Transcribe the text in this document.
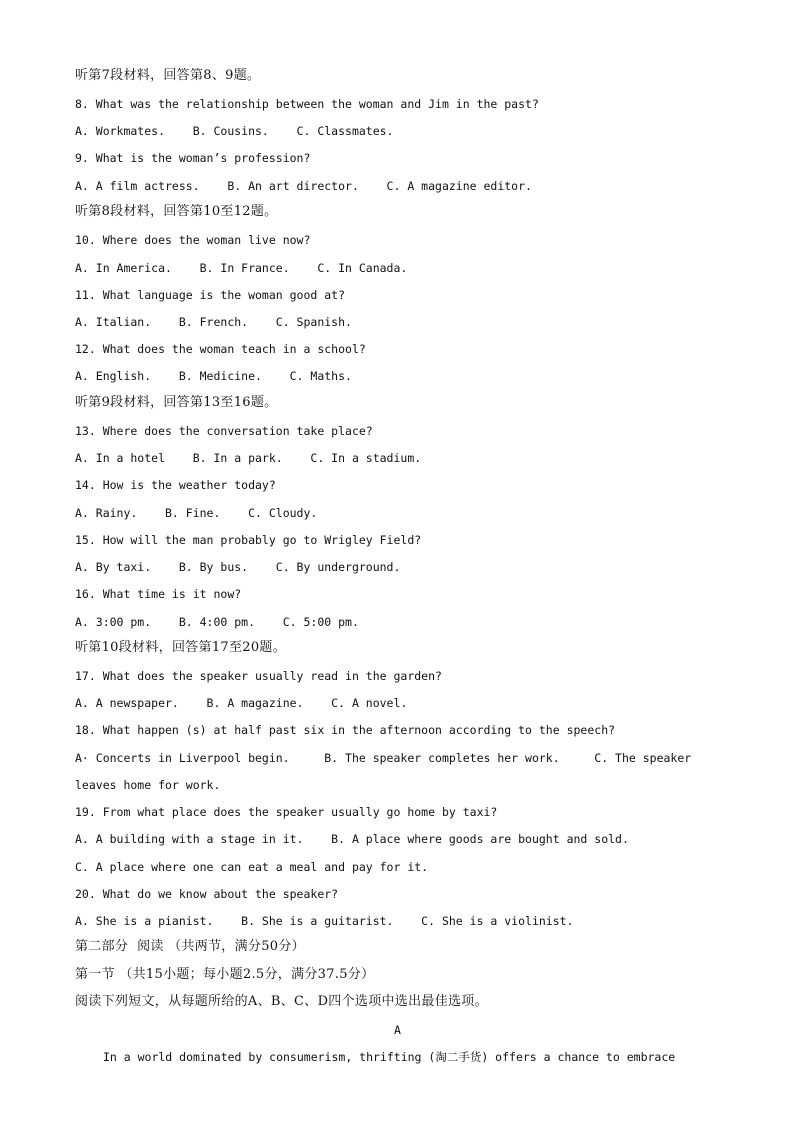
听第7段材料，回答第8、9题。
8. What was the relationship between the woman and Jim in the past?
A. Workmates.    B. Cousins.    C. Classmates.
9. What is the woman’s profession?
A. A film actress.    B. An art director.    C. A magazine editor.
听第8段材料，回答第10至12题。
10. Where does the woman live now?
A. In America.    B. In France.    C. In Canada.
11. What language is the woman good at?
A. Italian.    B. French.    C. Spanish.
12. What does the woman teach in a school?
A. English.    B. Medicine.    C. Maths.
听第9段材料，回答第13至16题。
13. Where does the conversation take place?
A. In a hotel    B. In a park.    C. In a stadium.
14. How is the weather today?
A. Rainy.    B. Fine.    C. Cloudy.
15. How will the man probably go to Wrigley Field?
A. By taxi.    B. By bus.    C. By underground.
16. What time is it now?
A. 3:00 pm.    B. 4:00 pm.    C. 5:00 pm.
听第10段材料，回答第17至20题。
17. What does the speaker usually read in the garden?
A. A newspaper.    B. A magazine.    C. A novel.
18. What happen (s) at half past six in the afternoon according to the speech?
A· Concerts in Liverpool begin.     B. The speaker completes her work.     C. The speaker
leaves home for work.
19. From what place does the speaker usually go home by taxi?
A. A building with a stage in it.    B. A place where goods are bought and sold.
C. A place where one can eat a meal and pay for it.
20. What do we know about the speaker?
A. She is a pianist.    B. She is a guitarist.    C. She is a violinist.
第二部分  阅读 （共两节，满分50分）
第一节 （共15小题；每小题2.5分，满分37.5分）
阅读下列短文，从每题所给的A、B、C、D四个选项中选出最佳选项。
A
In a world dominated by consumerism, thrifting (淘二手货) offers a chance to embrace
